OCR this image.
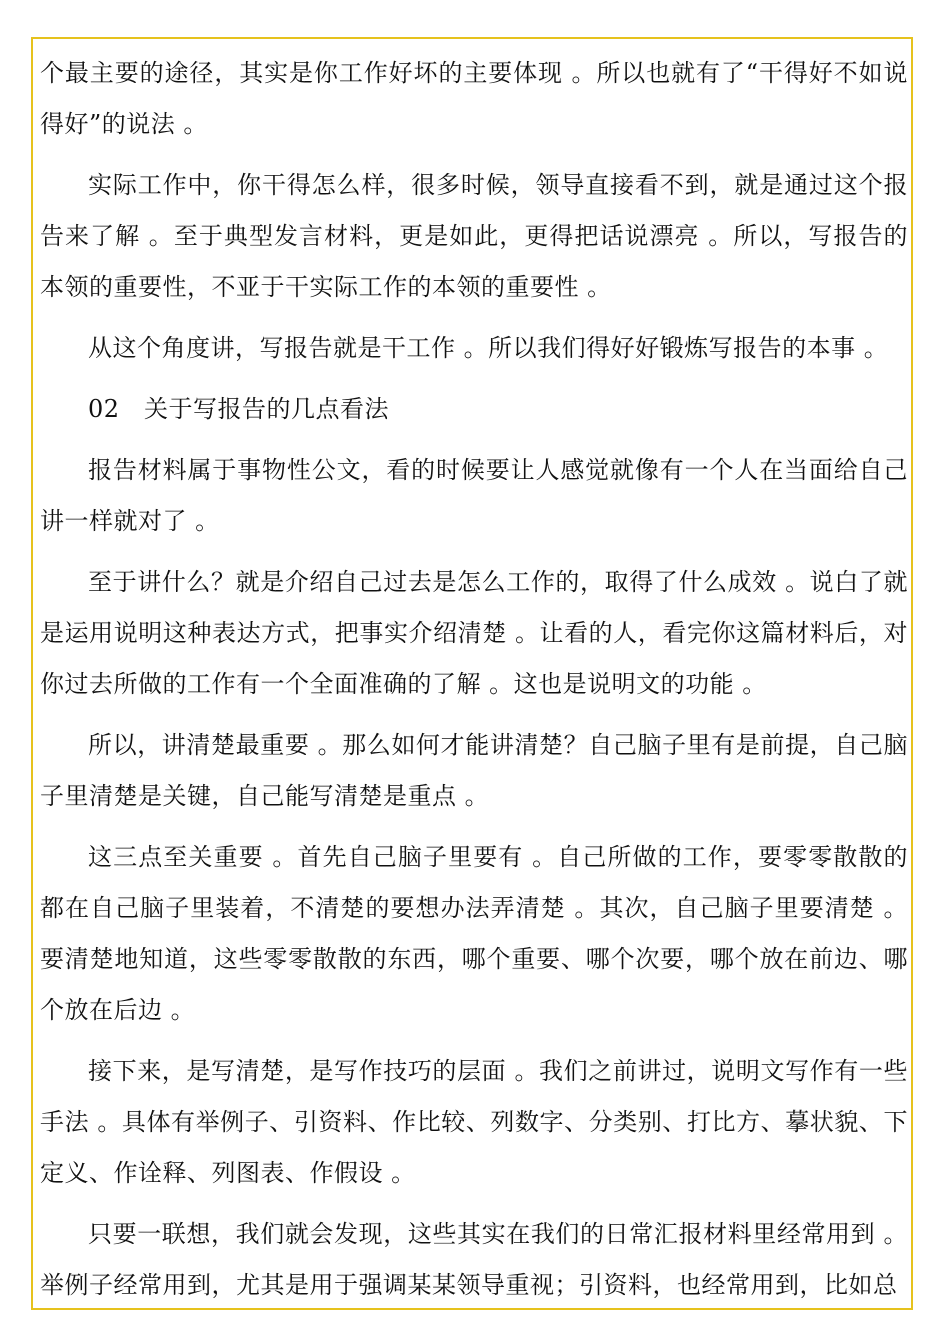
个最主要的途径，其实是你工作好坏的主要体现 。所以也就有了“干得好不如说得好”的说法 。

实际工作中，你干得怎么样，很多时候，领导直接看不到，就是通过这个报告来了解 。至于典型发言材料，更是如此，更得把话说漂亮 。所以，写报告的本领的重要性，不亚于干实际工作的本领的重要性 。

从这个角度讲，写报告就是干工作 。所以我们得好好锻炼写报告的本事 。

02　关于写报告的几点看法

报告材料属于事物性公文，看的时候要让人感觉就像有一个人在当面给自己讲一样就对了 。

至于讲什么？就是介绍自己过去是怎么工作的，取得了什么成效 。说白了就是运用说明这种表达方式，把事实介绍清楚 。让看的人，看完你这篇材料后，对你过去所做的工作有一个全面准确的了解 。这也是说明文的功能 。

所以，讲清楚最重要 。那么如何才能讲清楚？自己脑子里有是前提，自己脑子里清楚是关键，自己能写清楚是重点 。

这三点至关重要 。首先自己脑子里要有 。自己所做的工作，要零零散散的都在自己脑子里装着，不清楚的要想办法弄清楚 。其次，自己脑子里要清楚 。要清楚地知道，这些零零散散的东西，哪个重要、哪个次要，哪个放在前边、哪个放在后边 。

接下来，是写清楚，是写作技巧的层面 。我们之前讲过，说明文写作有一些手法 。具体有举例子、引资料、作比较、列数字、分类别、打比方、摹状貌、下定义、作诠释、列图表、作假设 。

只要一联想，我们就会发现，这些其实在我们的日常汇报材料里经常用到 。举例子经常用到，尤其是用于强调某某领导重视；引资料，也经常用到，比如总
